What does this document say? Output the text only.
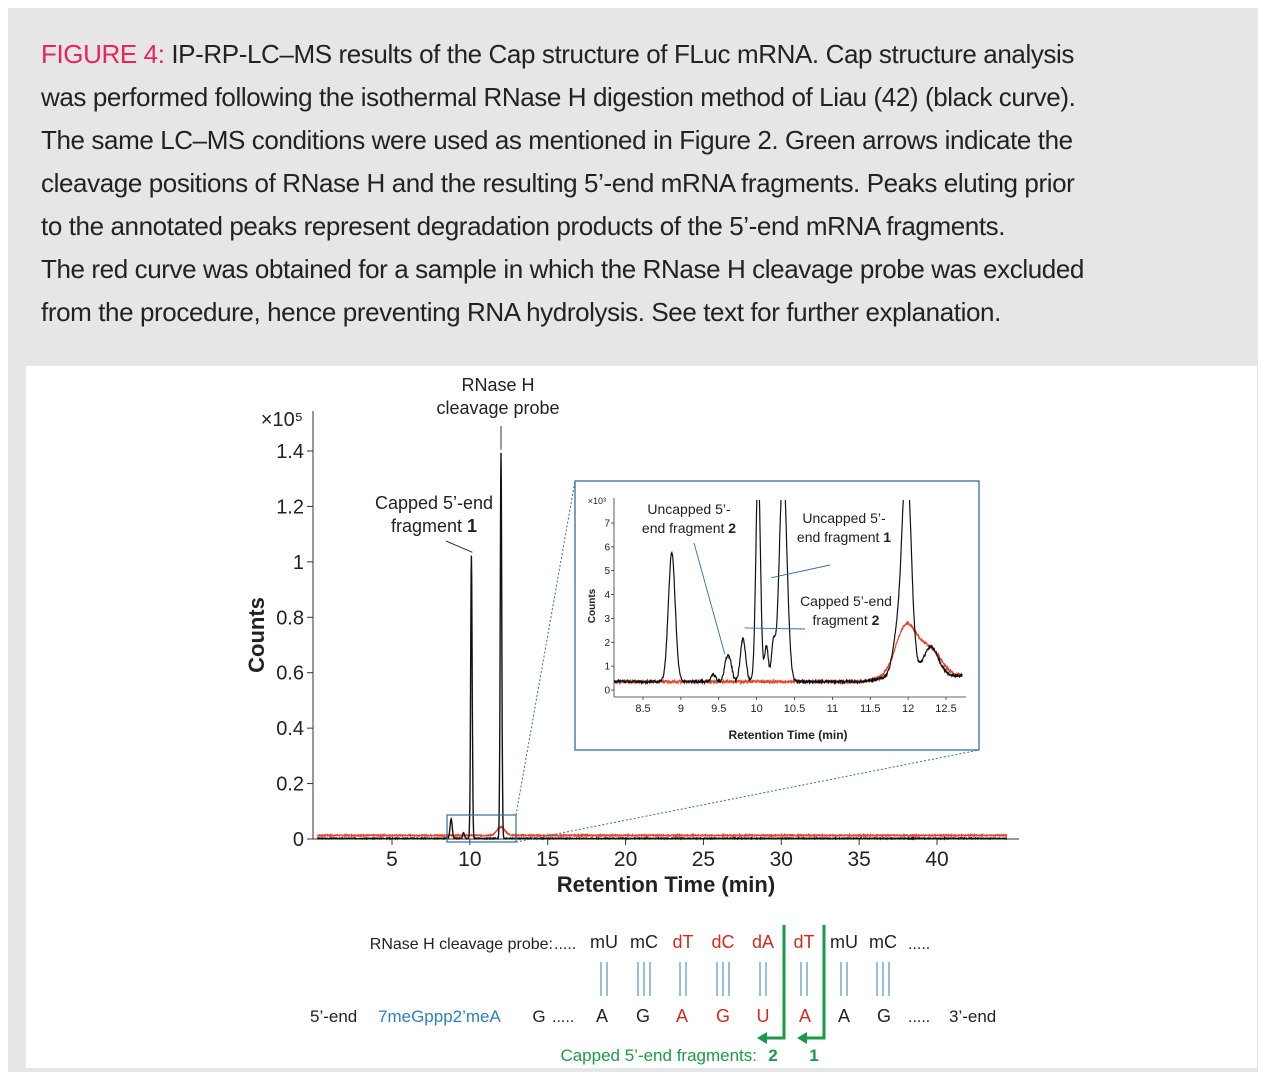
FIGURE 4: IP-RP-LC–MS results of the Cap structure of FLuc mRNA. Cap structure analysis
was performed following the isothermal RNase H digestion method of Liau (42) (black curve).
The same LC–MS conditions were used as mentioned in Figure 2. Green arrows indicate the
cleavage positions of RNase H and the resulting 5’-end mRNA fragments. Peaks eluting prior
to the annotated peaks represent degradation products of the 5’-end mRNA fragments.
The red curve was obtained for a sample in which the RNase H cleavage probe was excluded
from the procedure, hence preventing RNA hydrolysis. See text for further explanation.

0
0.2
0.4
0.6
0.8
1
1.2
1.4
5	10	15	20	25	30	35	40
×10⁵
Counts
Retention Time (min)
Capped 5’-end fragment 1
RNase H cleavage probe
0
1
2
3
4
5
6
7
8.5 9 9.5 10 10.5 11 11.5 12 12.5
×10³
Counts
Retention Time (min)
Uncapped 5’-end fragment 2
Uncapped 5’-end fragment 1
Capped 5’-end fragment 2
RNase H cleavage probe: .....	.....
mU mC dT dC dA dT mU mC
5’-end 7meGppp2’meA G .....	..... 3’-end
A G A G U A A G
Capped 5’-end fragments: 2 1
